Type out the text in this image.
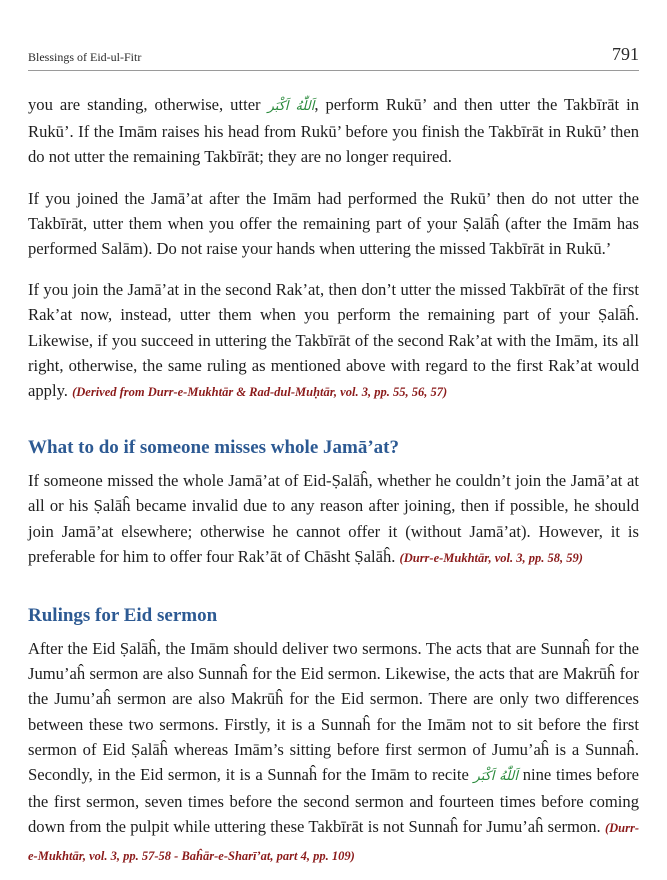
Blessings of Eid-ul-Fitr	791

you are standing, otherwise, utter اَللّٰهُ اَكْبَر, perform Rukū’ and then utter the Takbīrāt in Rukū’. If the Imām raises his head from Rukū’ before you finish the Takbīrāt in Rukū’ then do not utter the remaining Takbīrāt; they are no longer required.

If you joined the Jamā’at after the Imām had performed the Rukū’ then do not utter the Takbīrāt, utter them when you offer the remaining part of your Ṣalāĥ (after the Imām has performed Salām). Do not raise your hands when uttering the missed Takbīrāt in Rukū.’

If you join the Jamā’at in the second Rak’at, then don’t utter the missed Takbīrāt of the first Rak’at now, instead, utter them when you perform the remaining part of your Ṣalāĥ. Likewise, if you succeed in uttering the Takbīrāt of the second Rak’at with the Imām, its all right, otherwise, the same ruling as mentioned above with regard to the first Rak’at would apply. (Derived from Durr-e-Mukhtār & Rad-dul-Muḥtār, vol. 3, pp. 55, 56, 57)

What to do if someone misses whole Jamā’at?

If someone missed the whole Jamā’at of Eid-Ṣalāĥ, whether he couldn’t join the Jamā’at at all or his Ṣalāĥ became invalid due to any reason after joining, then if possible, he should join Jamā’at elsewhere; otherwise he cannot offer it (without Jamā’at). However, it is preferable for him to offer four Rak’āt of Chāsht Ṣalāĥ. (Durr-e-Mukhtār, vol. 3, pp. 58, 59)

Rulings for Eid sermon

After the Eid Ṣalāĥ, the Imām should deliver two sermons. The acts that are Sunnaĥ for the Jumu’aĥ sermon are also Sunnaĥ for the Eid sermon. Likewise, the acts that are Makrūĥ for the Jumu’aĥ sermon are also Makrūĥ for the Eid sermon. There are only two differences between these two sermons. Firstly, it is a Sunnaĥ for the Imām not to sit before the first sermon of Eid Ṣalāĥ whereas Imām’s sitting before first sermon of Jumu’aĥ is a Sunnaĥ. Secondly, in the Eid sermon, it is a Sunnaĥ for the Imām to recite اَللّٰهُ اَكْبَر nine times before the first sermon, seven times before the second sermon and fourteen times before coming down from the pulpit while uttering these Takbīrāt is not Sunnaĥ for Jumu’aĥ sermon. (Durr-e-Mukhtār, vol. 3, pp. 57-58 - Baĥār-e-Sharī’at, part 4, pp. 109)
